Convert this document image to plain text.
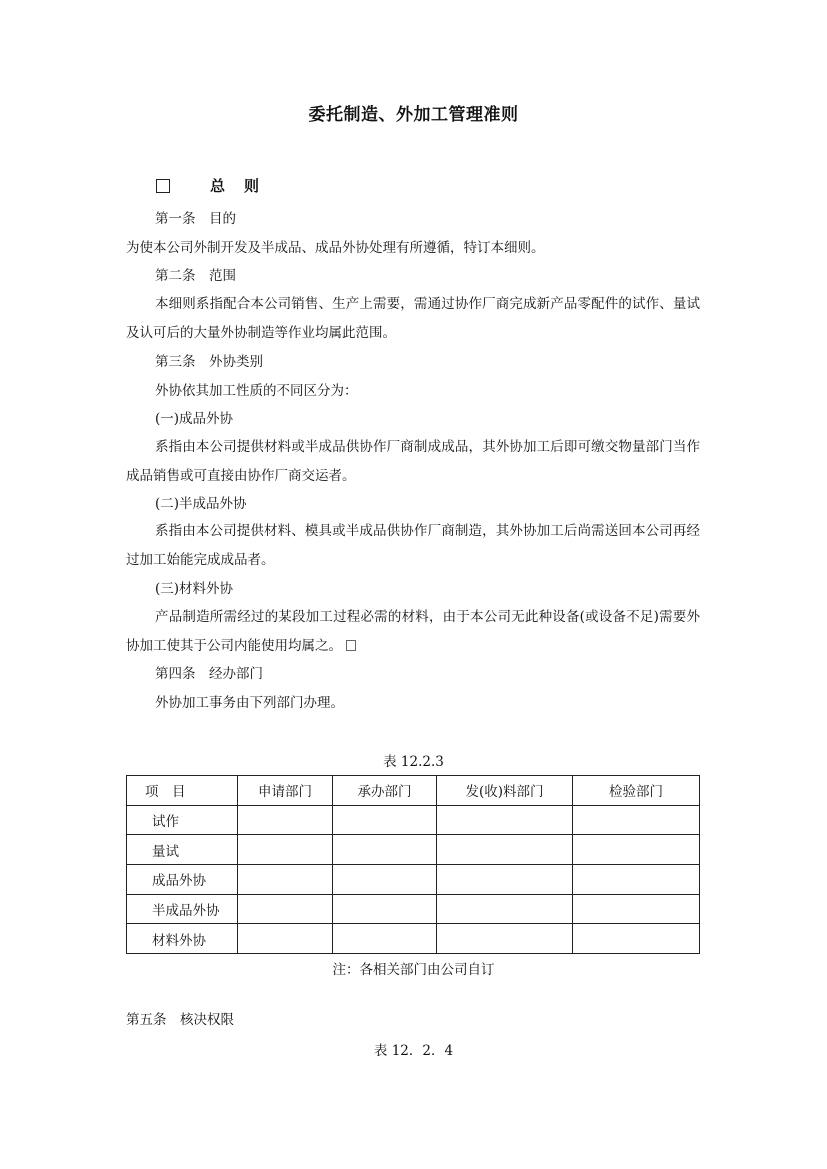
委托制造、外加工管理准则
总　则
第一条　目的
为使本公司外制开发及半成品、成品外协处理有所遵循，特订本细则。
第二条　范围
本细则系指配合本公司销售、生产上需要，需通过协作厂商完成新产品零配件的试作、量试及认可后的大量外协制造等作业均属此范围。
第三条　外协类别
外协依其加工性质的不同区分为：
(一)成品外协
系指由本公司提供材料或半成品供协作厂商制成成品，其外协加工后即可缴交物量部门当作成品销售或可直接由协作厂商交运者。
(二)半成品外协
系指由本公司提供材料、模具或半成品供协作厂商制造，其外协加工后尚需送回本公司再经过加工始能完成成品者。
(三)材料外协
产品制造所需经过的某段加工过程必需的材料，由于本公司无此种设备(或设备不足)需要外协加工使其于公司内能使用均属之。
第四条　经办部门
外协加工事务由下列部门办理。
表 12.2.3
项　目	申请部门	承办部门	发(收)料部门	检验部门
试作				
量试				
成品外协				
半成品外协				
材料外协				
注：各相关部门由公司自订
第五条　核决权限
表 12．2．4
